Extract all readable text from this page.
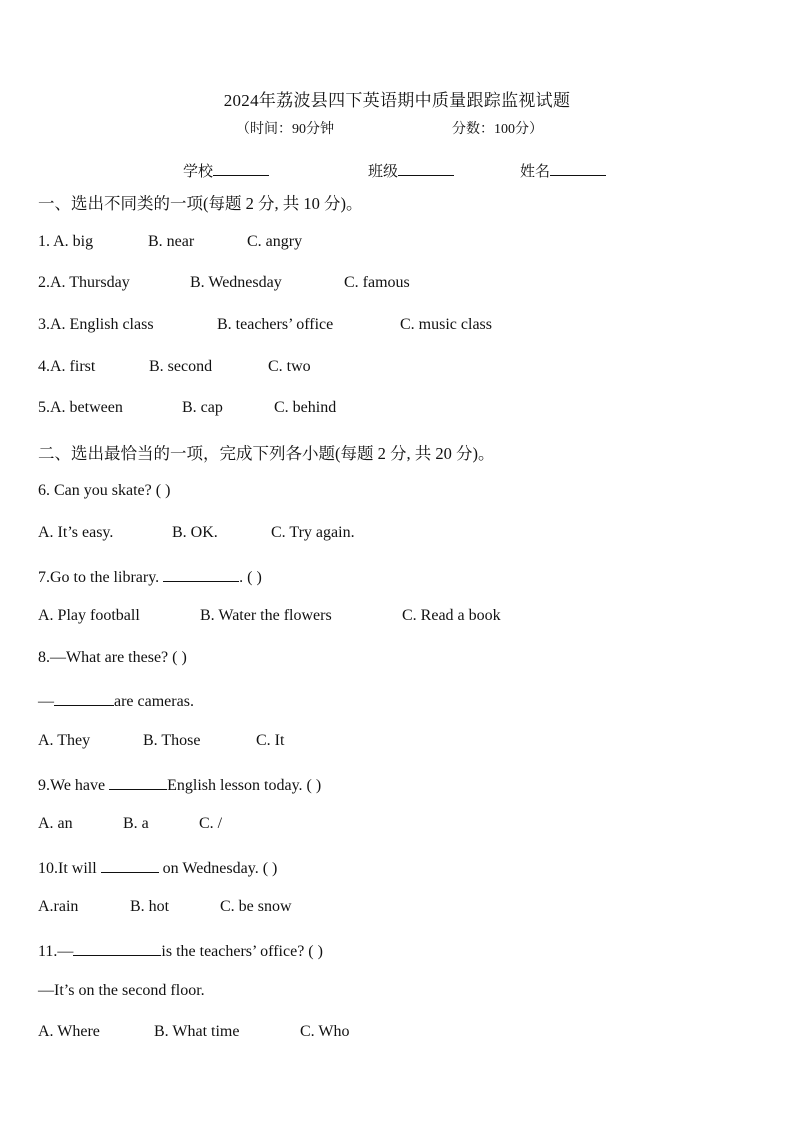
2024年荔波县四下英语期中质量跟踪监视试题
（时间：90分钟	分数：100分）
学校	班级	姓名
一、选出不同类的一项(每题 2 分, 共 10 分)。
1. A. big	B. near	C. angry
2.A. Thursday	B. Wednesday	C. famous
3.A. English class	B. teachers’ office	C. music class
4.A. first	B. second	C. two
5.A. between	B. cap	C. behind
二、选出最恰当的一项，完成下列各小题(每题 2 分, 共 20 分)。
6. Can you skate? ( )
A. It’s easy.	B. OK.	C. Try again.
7.Go to the library.	. ( )
A. Play football	B. Water the flowers	C. Read a book
8.—What are these? ( )
—	are cameras.
A. They	B. Those	C. It
9.We have	English lesson today. ( )
A. an	B. a	C. /
10.It will	on Wednesday. ( )
A.rain	B. hot	C. be snow
11.—	is the teachers’ office? ( )
—It’s on the second floor.
A. Where	B. What time	C. Who
